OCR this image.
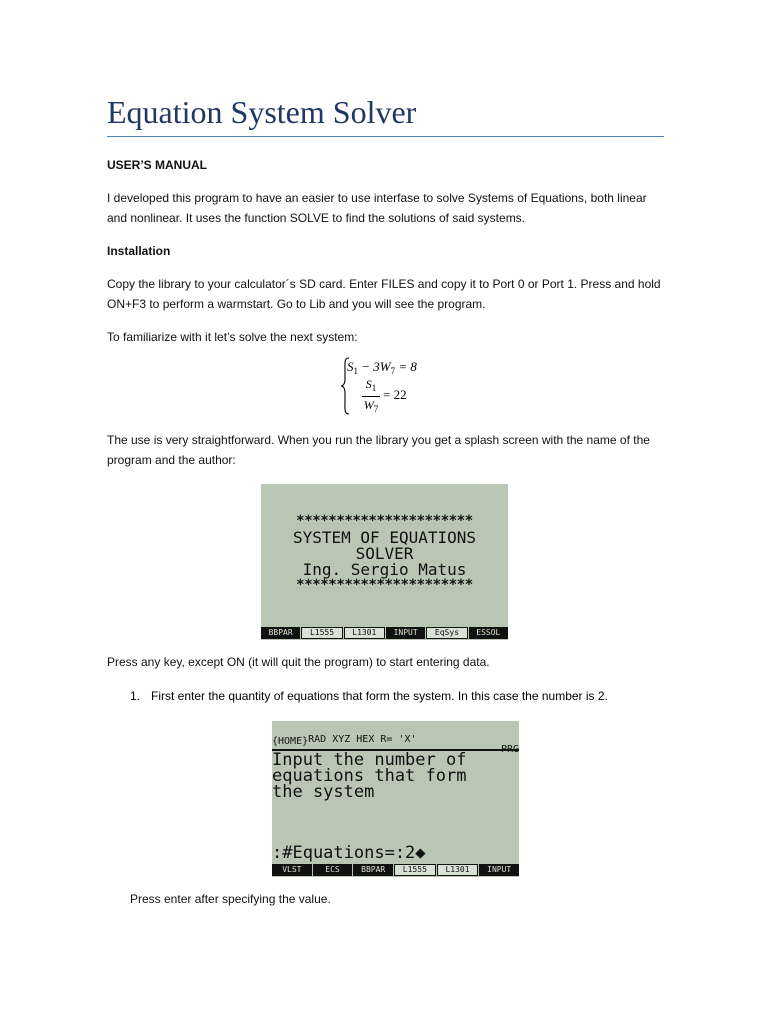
Equation System Solver
USER’S MANUAL
I developed this program to have an easier to use interfase to solve Systems of Equations, both linear and nonlinear. It uses the function SOLVE to find the solutions of said systems.
Installation
Copy the library to your calculator´s SD card. Enter FILES and copy it to Port 0 or Port 1. Press and hold ON+F3 to perform a warmstart. Go to Lib and you will see the program.
To familiarize with it let’s solve the next system:
$S_1 - 3W_7 = 8$
$S_1$
$W_7$
= 22
The use is very straightforward. When you run the library you get a splash screen with the name of the program and the author:
**********************
SYSTEM OF EQUATIONS
SOLVER
Ing. Sergio Matus
**********************
BBPAR	L1555	L1301	INPUT	EqSys	ESSOL
Press any key, except ON (it will quit the program) to start entering data.
1. First enter the quantity of equations that form the system. In this case the number is 2.

RAD XYZ HEX R= 'X'

PRG

{HOME}
Input the number of
equations that form
the system
:#Equations=:2◆
VLST	ECS	BBPAR	L1555	L1301	INPUT
Press enter after specifying the value.
